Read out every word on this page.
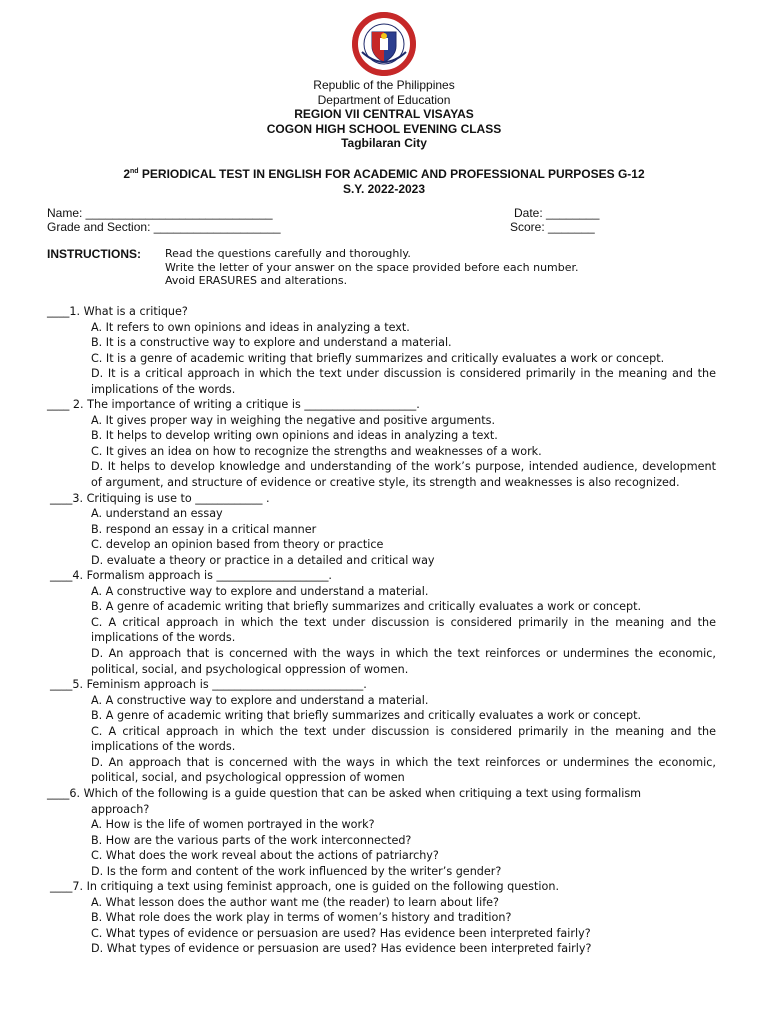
Republic of the Philippines
Department of Education
REGION VII CENTRAL VISAYAS
COGON HIGH SCHOOL EVENING CLASS
Tagbilaran City
2nd PERIODICAL TEST IN ENGLISH FOR ACADEMIC AND PROFESSIONAL PURPOSES G-12
S.Y. 2022-2023
Name: ____________________________
Grade and Section: ___________________
Date: ________
Score: _______
INSTRUCTIONS: Read the questions carefully and thoroughly.
Write the letter of your answer on the space provided before each number.
Avoid ERASURES and alterations.
____1. What is a critique?
A. It refers to own opinions and ideas in analyzing a text.
B. It is a constructive way to explore and understand a material.
C. It is a genre of academic writing that briefly summarizes and critically evaluates a work or concept.
D. It is a critical approach in which the text under discussion is considered primarily in the meaning and the implications of the words.
____ 2. The importance of writing a critique is ____________________.
A. It gives proper way in weighing the negative and positive arguments.
B. It helps to develop writing own opinions and ideas in analyzing a text.
C. It gives an idea on how to recognize the strengths and weaknesses of a work.
D. It helps to develop knowledge and understanding of the work’s purpose, intended audience, development of argument, and structure of evidence or creative style, its strength and weaknesses is also recognized.
____3. Critiquing is use to ____________ .
A. understand an essay
B. respond an essay in a critical manner
C. develop an opinion based from theory or practice
D. evaluate a theory or practice in a detailed and critical way
____4. Formalism approach is ____________________.
A. A constructive way to explore and understand a material.
B. A genre of academic writing that briefly summarizes and critically evaluates a work or concept.
C. A critical approach in which the text under discussion is considered primarily in the meaning and the implications of the words.
D. An approach that is concerned with the ways in which the text reinforces or undermines the economic, political, social, and psychological oppression of women.
____5. Feminism approach is ___________________________.
A. A constructive way to explore and understand a material.
B. A genre of academic writing that briefly summarizes and critically evaluates a work or concept.
C. A critical approach in which the text under discussion is considered primarily in the meaning and the implications of the words.
D. An approach that is concerned with the ways in which the text reinforces or undermines the economic, political, social, and psychological oppression of women
____6. Which of the following is a guide question that can be asked when critiquing a text using formalism
approach?
A. How is the life of women portrayed in the work?
B. How are the various parts of the work interconnected?
C. What does the work reveal about the actions of patriarchy?
D. Is the form and content of the work influenced by the writer’s gender?
____7. In critiquing a text using feminist approach, one is guided on the following question.
A. What lesson does the author want me (the reader) to learn about life?
B. What role does the work play in terms of women’s history and tradition?
C. What types of evidence or persuasion are used? Has evidence been interpreted fairly?
D. What types of evidence or persuasion are used? Has evidence been interpreted fairly?
